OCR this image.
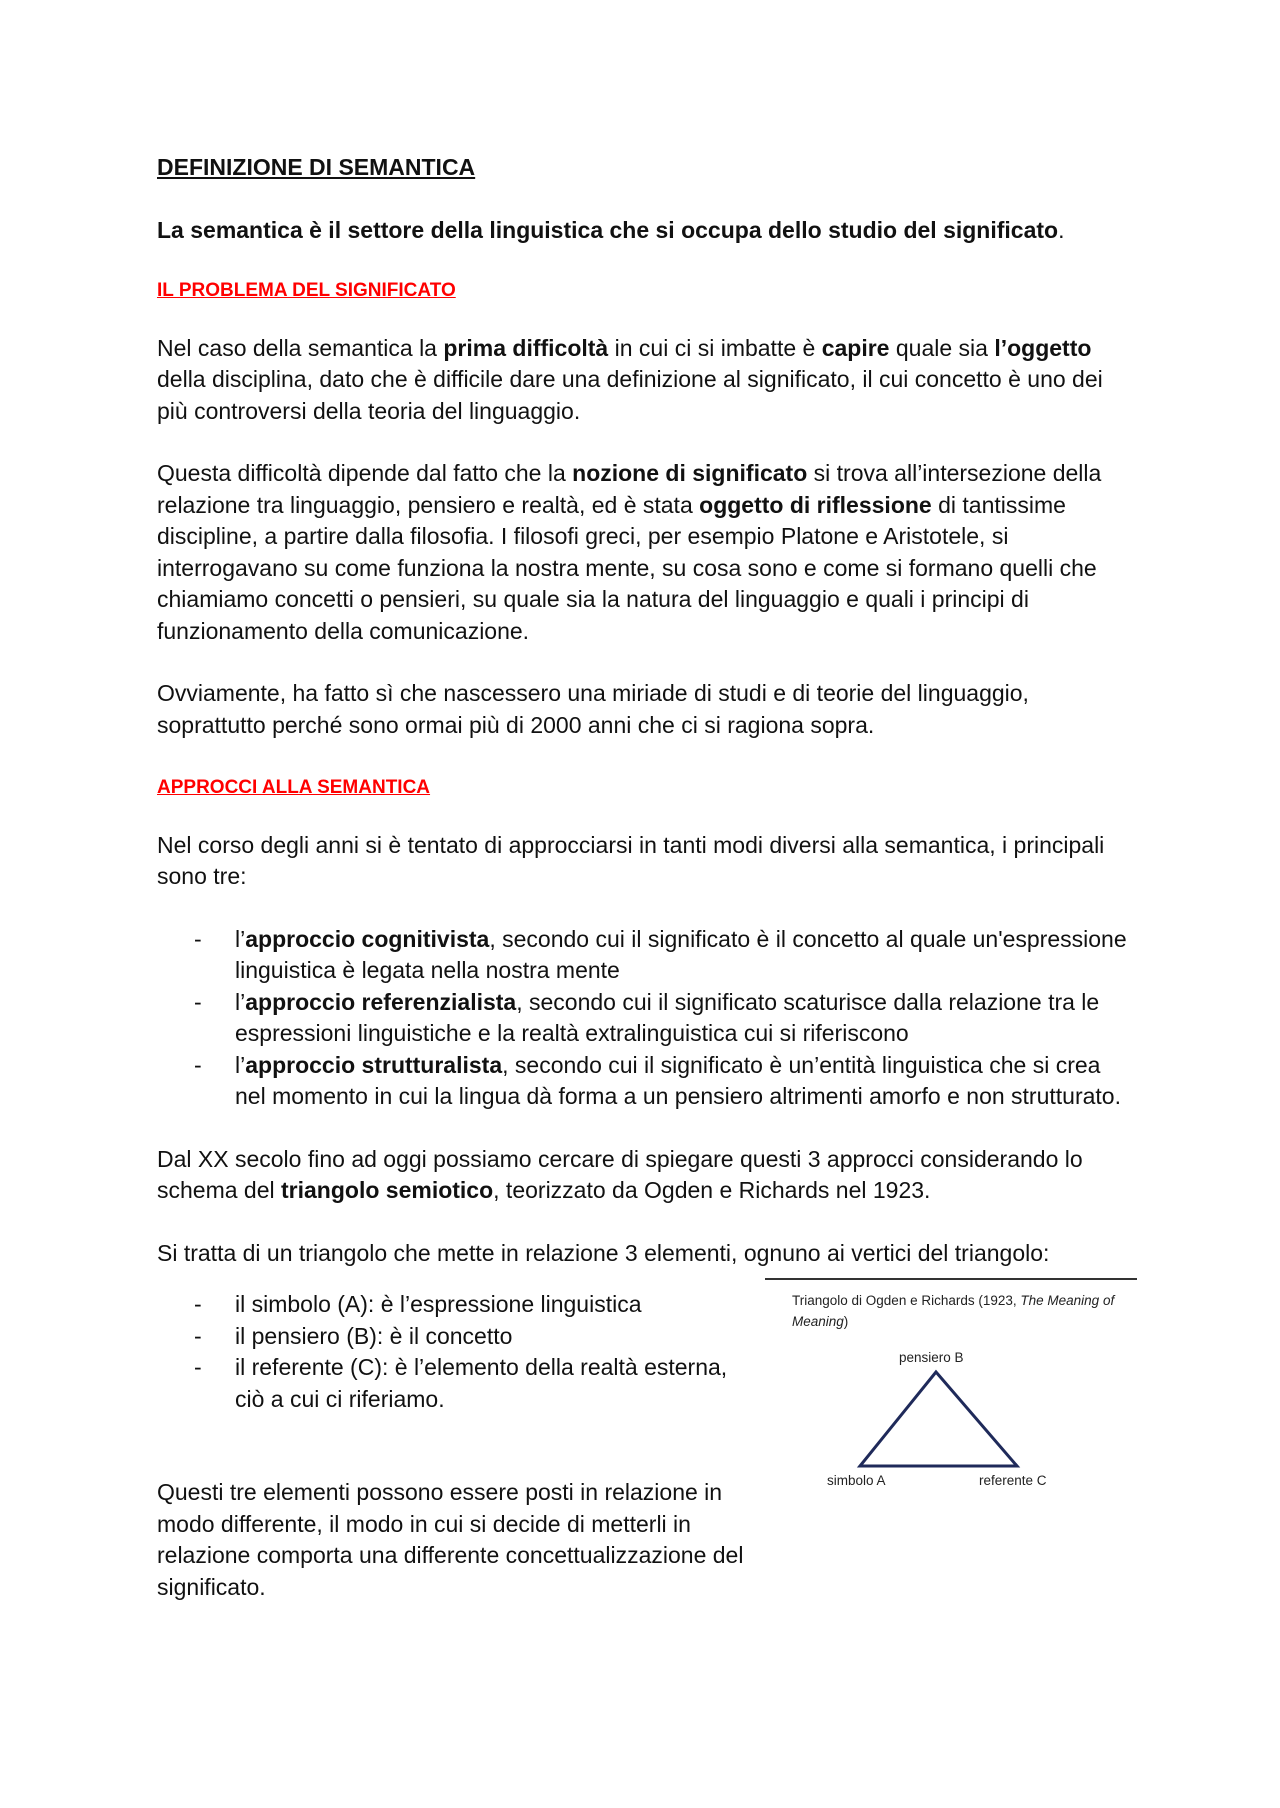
DEFINIZIONE DI SEMANTICA
La semantica è il settore della linguistica che si occupa dello studio del significato.
IL PROBLEMA DEL SIGNIFICATO

Nel caso della semantica la prima difficoltà in cui ci si imbatte è capire quale sia l’oggetto della disciplina, dato che è difficile dare una definizione al significato, il cui concetto è uno dei più controversi della teoria del linguaggio.

Questa difficoltà dipende dal fatto che la nozione di significato si trova all’intersezione della relazione tra linguaggio, pensiero e realtà, ed è stata oggetto di riflessione di tantissime discipline, a partire dalla filosofia. I filosofi greci, per esempio Platone e Aristotele, si interrogavano su come funziona la nostra mente, su cosa sono e come si formano quelli che chiamiamo concetti o pensieri, su quale sia la natura del linguaggio e quali i principi di funzionamento della comunicazione.

Ovviamente, ha fatto sì che nascessero una miriade di studi e di teorie del linguaggio, soprattutto perché sono ormai più di 2000 anni che ci si ragiona sopra.

APPROCCI ALLA SEMANTICA

Nel corso degli anni si è tentato di approcciarsi in tanti modi diversi alla semantica, i principali sono tre:

- l’approccio cognitivista, secondo cui il significato è il concetto al quale un'espressione linguistica è legata nella nostra mente
- l’approccio referenzialista, secondo cui il significato scaturisce dalla relazione tra le espressioni linguistiche e la realtà extralinguistica cui si riferiscono
- l’approccio strutturalista, secondo cui il significato è un’entità linguistica che si crea nel momento in cui la lingua dà forma a un pensiero altrimenti amorfo e non strutturato.

Dal XX secolo fino ad oggi possiamo cercare di spiegare questi 3 approcci considerando lo schema del triangolo semiotico, teorizzato da Ogden e Richards nel 1923.

Si tratta di un triangolo che mette in relazione 3 elementi, ognuno ai vertici del triangolo:

- il simbolo (A): è l’espressione linguistica
- il pensiero (B): è il concetto
- il referente (C): è l’elemento della realtà esterna, ciò a cui ci riferiamo.

Questi tre elementi possono essere posti in relazione in modo differente, il modo in cui si decide di metterli in relazione comporta una differente concettualizzazione del significato.

Triangolo di Ogden e Richards (1923, The Meaning of Meaning)
pensiero B
simbolo A	referente C
